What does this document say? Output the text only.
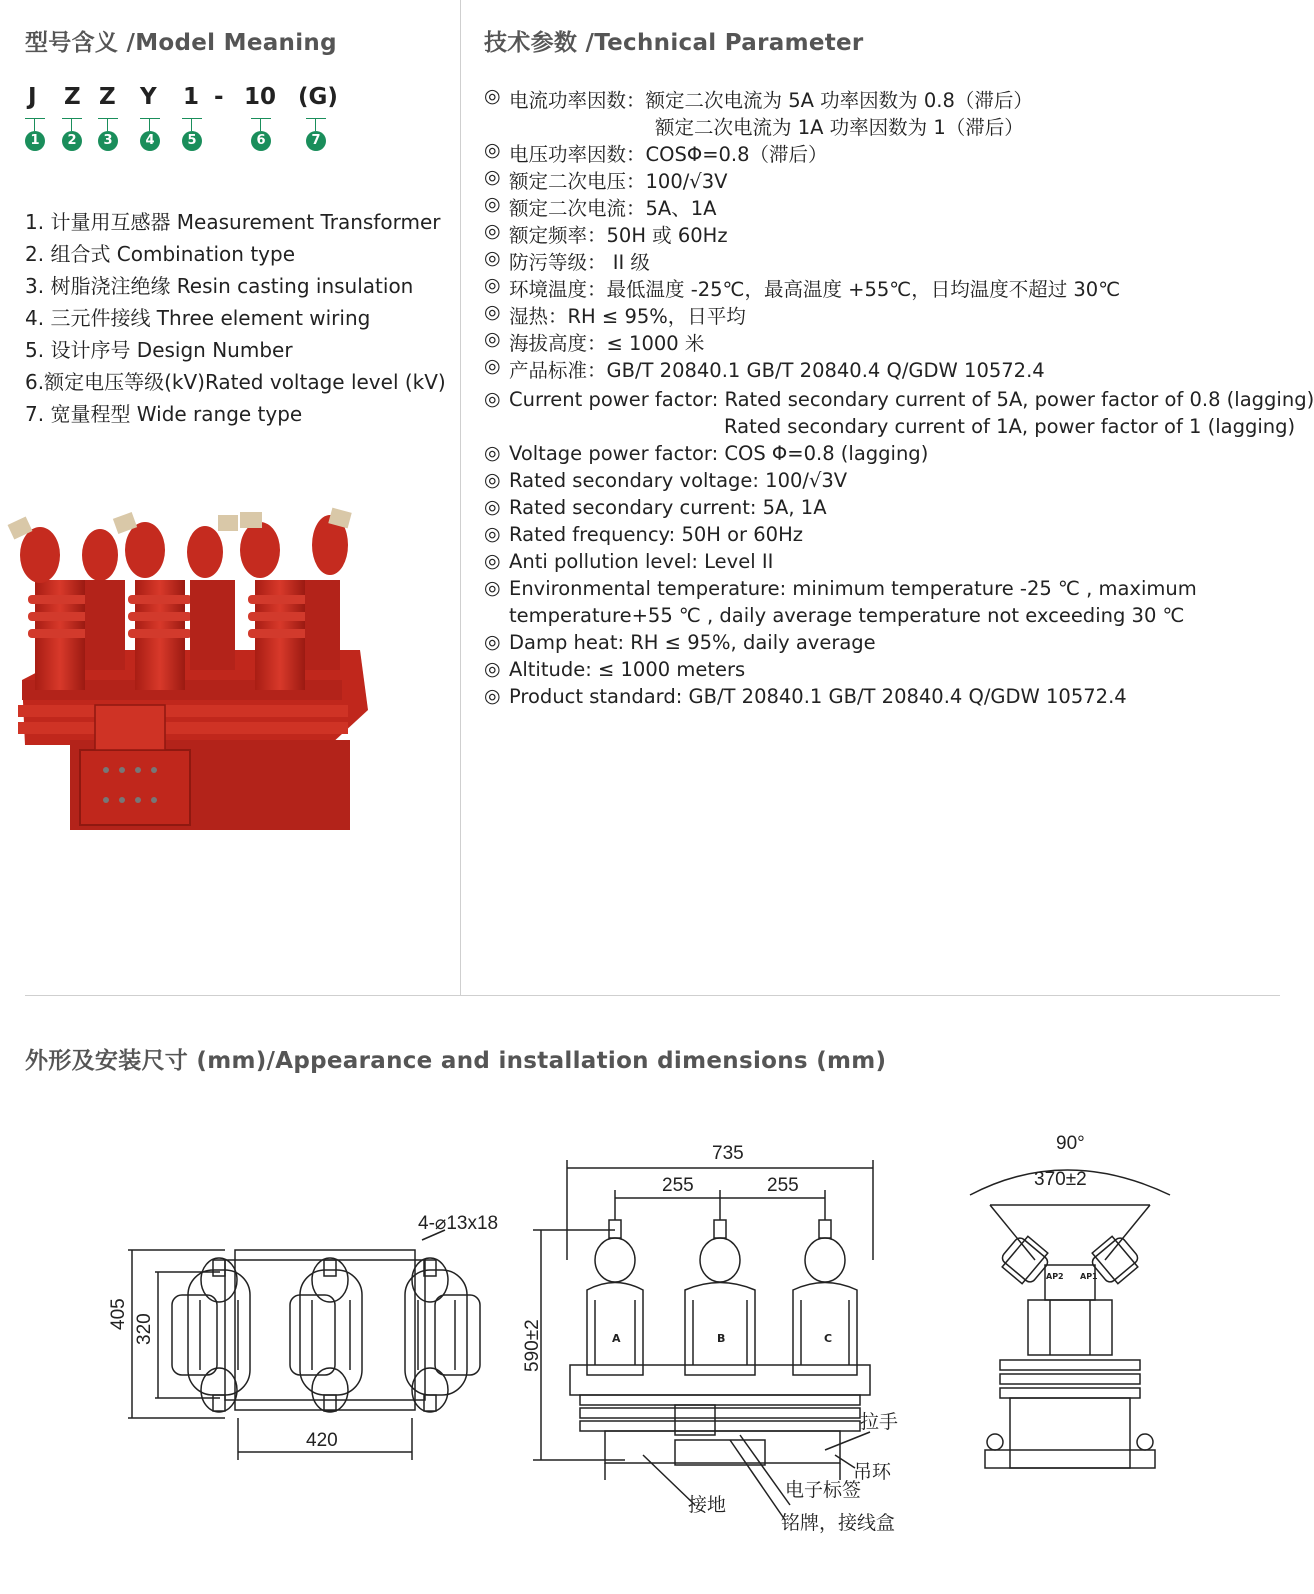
型号含义 /Model Meaning
J Z Z Y 1 - 10 (G)
1	2	3	4	5	6	7
1. 计量用互感器 Measurement Transformer
2. 组合式 Combination type
3. 树脂浇注绝缘 Resin casting insulation
4. 三元件接线 Three element wiring
5. 设计序号 Design Number
6.额定电压等级(kV)Rated voltage level (kV)
7. 宽量程型 Wide range type
技术参数 /Technical Parameter
◎ 电流功率因数：额定二次电流为 5A 功率因数为 0.8（滞后）
额定二次电流为 1A 功率因数为 1（滞后）
◎ 电压功率因数：COSΦ=0.8（滞后）
◎ 额定二次电压：100/√3V
◎ 额定二次电流：5A、1A
◎ 额定频率：50H 或 60Hz
◎ 防污等级： II 级
◎ 环境温度：最低温度 -25℃，最高温度 +55℃，日均温度不超过 30℃
◎ 湿热：RH ≤ 95%，日平均
◎ 海拔高度：≤ 1000 米
◎ 产品标准：GB/T 20840.1 GB/T 20840.4 Q/GDW 10572.4
◎ Current power factor: Rated secondary current of 5A, power factor of 0.8 (lagging)
Rated secondary current of 1A, power factor of 1 (lagging)
◎ Voltage power factor: COS Φ=0.8 (lagging)
◎ Rated secondary voltage: 100/√3V
◎ Rated secondary current: 5A, 1A
◎ Rated frequency: 50H or 60Hz
◎ Anti pollution level: Level II
◎ Environmental temperature: minimum temperature -25 ℃ , maximum
temperature+55 ℃ , daily average temperature not exceeding 30 ℃
◎ Damp heat: RH ≤ 95%, daily average
◎ Altitude: ≤ 1000 meters
◎ Product standard: GB/T 20840.1 GB/T 20840.4 Q/GDW 10572.4
外形及安装尺寸 (mm)/Appearance and installation dimensions (mm)
4-⌀13x18
405 320
420
735
255	255
590±2	A	B	C
拉手
吊环
电子标签
接地
铭牌，接线盒
90°
370±2
AP2 AP1
